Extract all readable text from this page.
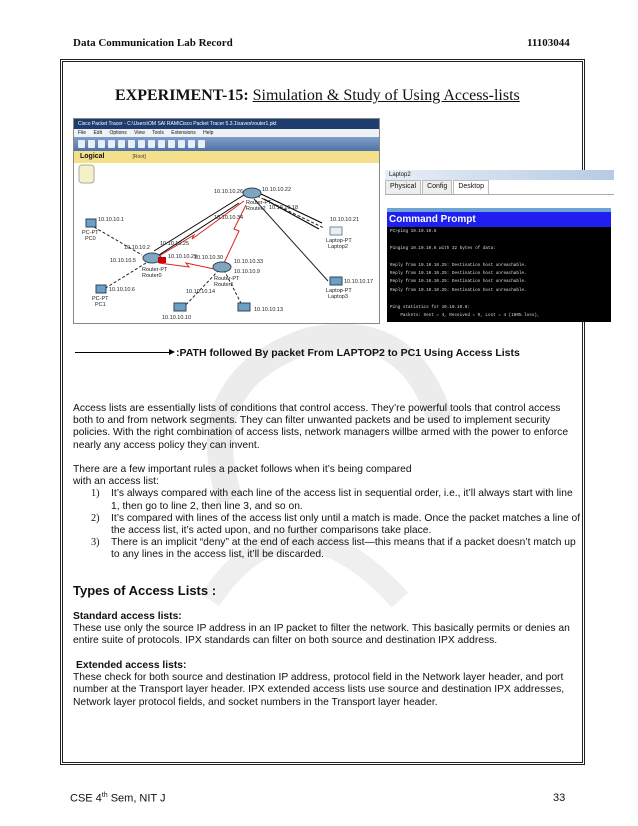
Data Communication Lab Record	11103044
EXPERIMENT-15: Simulation & Study of Using Access-lists
Cisco Packet Tracer - C:\Users\OM SAI RAM\Cisco Packet Tracer 5.3.1\saves\router1.pkt
File Edit Options View Tools Extensions Help
Logical	[Root]
10.10.10.1
PC-PT
PC0
10.10.10.6
PC-PT
PC1
Router-PT
Router0	Router-PT
Router1
Router-PT
Router2
10.10.10.21
Laptop-PT
Laptop2
10.10.10.17
Laptop-PT
Laptop3
10.10.10.10
10.10.10.13
10.10.10.26	10.10.10.22
10.10.10.34
10.10.10.18
10.10.10.2
10.10.10.25
10.10.10.29
10.10.10.5	10.10.10.30
10.10.10.33
10.10.10.14
10.10.10.9
Laptop2
Physical	Config	Desktop
Command Prompt
PC>ping 10.10.10.6
Pinging 10.10.10.6 with 32 bytes of data:
Reply from 10.10.10.25: Destination host unreachable.
Reply from 10.10.10.25: Destination host unreachable.
Reply from 10.10.10.25: Destination host unreachable.
Reply from 10.10.10.25: Destination host unreachable.
Ping statistics for 10.10.10.6:
Packets: Sent = 4, Received = 0, Lost = 4 (100% loss),
:PATH followed By packet From LAPTOP2 to PC1 Using Access Lists
Access lists are essentially lists of conditions that control access. They’re powerful tools that control access both to and from network segments. They can filter unwanted packets and be used to implement security policies. With the right combination of access lists, network managers willbe armed with the power to enforce nearly any access policy they can invent.
There are a few important rules a packet follows when it’s being compared
with an access list:
1) It’s always compared with each line of the access list in sequential order, i.e., it’ll always start with line 1, then go to line 2, then line 3, and so on.
2) It’s compared with lines of the access list only until a match is made. Once the packet matches a line of the access list, it’s acted upon, and no further comparisons take place.
3) There is an implicit “deny” at the end of each access list—this means that if a packet doesn’t match up to any lines in the access list, it’ll be discarded.
Types of Access Lists :
Standard access lists:
These use only the source IP address in an IP packet to filter the network. This basically permits or denies an entire suite of protocols. IPX standards can filter on both source and destination IPX address.
Extended access lists:
These check for both source and destination IP address, protocol field in the Network layer header, and port number at the Transport layer header. IPX extended access lists use source and destination IPX addresses, Network layer protocol fields, and socket numbers in the Transport layer header.
CSE 4th Sem, NIT J	33
